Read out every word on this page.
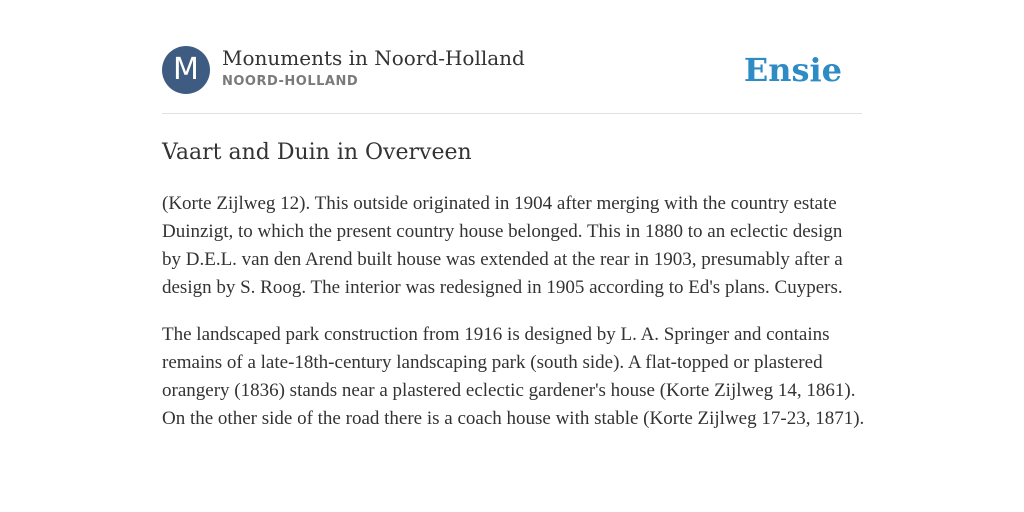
M	Monuments in Noord-Holland
NOORD-HOLLAND	Ensie
Vaart and Duin in Overveen

(Korte Zijlweg 12). This outside originated in 1904 after merging with the country estate Duinzigt, to which the present country house belonged. This in 1880 to an eclectic design by D.E.L. van den Arend built house was extended at the rear in 1903, presumably after a design by S. Roog. The interior was redesigned in 1905 according to Ed's plans. Cuypers.

The landscaped park construction from 1916 is designed by L. A. Springer and contains remains of a late-18th-century landscaping park (south side). A flat-topped or plastered orangery (1836) stands near a plastered eclectic gardener's house (Korte Zijlweg 14, 1861). On the other side of the road there is a coach house with stable (Korte Zijlweg 17-23, 1871).
